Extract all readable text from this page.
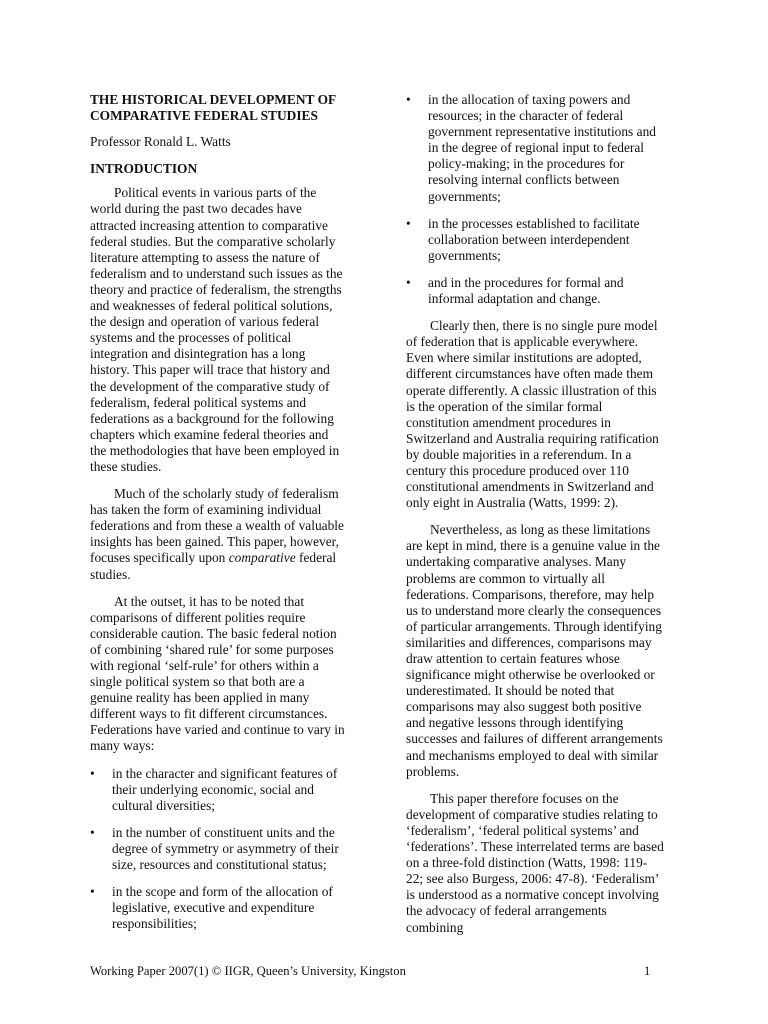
THE HISTORICAL DEVELOPMENT OF
COMPARATIVE FEDERAL STUDIES
Professor Ronald L. Watts
INTRODUCTION

Political events in various parts of the world during the past two decades have attracted increasing attention to comparative federal studies. But the comparative scholarly literature attempting to assess the nature of federalism and to understand such issues as the theory and practice of federalism, the strengths and weaknesses of federal political solutions, the design and operation of various federal systems and the processes of political integration and disintegration has a long history. This paper will trace that history and the development of the comparative study of federalism, federal political systems and federations as a background for the following chapters which examine federal theories and the methodologies that have been employed in these studies.

Much of the scholarly study of federalism has taken the form of examining individual federations and from these a wealth of valuable insights has been gained. This paper, however, focuses specifically upon comparative federal studies.

At the outset, it has to be noted that comparisons of different polities require considerable caution. The basic federal notion of combining ‘shared rule’ for some purposes with regional ‘self-rule’ for others within a single political system so that both are a genuine reality has been applied in many different ways to fit different circumstances. Federations have varied and continue to vary in many ways:

• in the character and significant features of their underlying economic, social and cultural diversities;
• in the number of constituent units and the degree of symmetry or asymmetry of their size, resources and constitutional status;
• in the scope and form of the allocation of legislative, executive and expenditure responsibilities;
• in the allocation of taxing powers and resources; in the character of federal government representative institutions and in the degree of regional input to federal policy-making; in the procedures for resolving internal conflicts between governments;
• in the processes established to facilitate collaboration between interdependent governments;
• and in the procedures for formal and informal adaptation and change.

Clearly then, there is no single pure model of federation that is applicable everywhere. Even where similar institutions are adopted, different circumstances have often made them operate differently. A classic illustration of this is the operation of the similar formal constitution amendment procedures in Switzerland and Australia requiring ratification by double majorities in a referendum. In a century this procedure produced over 110 constitutional amendments in Switzerland and only eight in Australia (Watts, 1999: 2).

Nevertheless, as long as these limitations are kept in mind, there is a genuine value in the undertaking comparative analyses. Many problems are common to virtually all federations. Comparisons, therefore, may help us to understand more clearly the consequences of particular arrangements. Through identifying similarities and differences, comparisons may draw attention to certain features whose significance might otherwise be overlooked or underestimated. It should be noted that comparisons may also suggest both positive and negative lessons through identifying successes and failures of different arrangements and mechanisms employed to deal with similar problems.

This paper therefore focuses on the development of comparative studies relating to ‘federalism’, ‘federal political systems’ and ‘federations’. These interrelated terms are based on a three-fold distinction (Watts, 1998: 119-22; see also Burgess, 2006: 47-8). ‘Federalism’ is understood as a normative concept involving the advocacy of federal arrangements combining

Working Paper 2007(1) © IIGR, Queen’s University, Kingston	1
